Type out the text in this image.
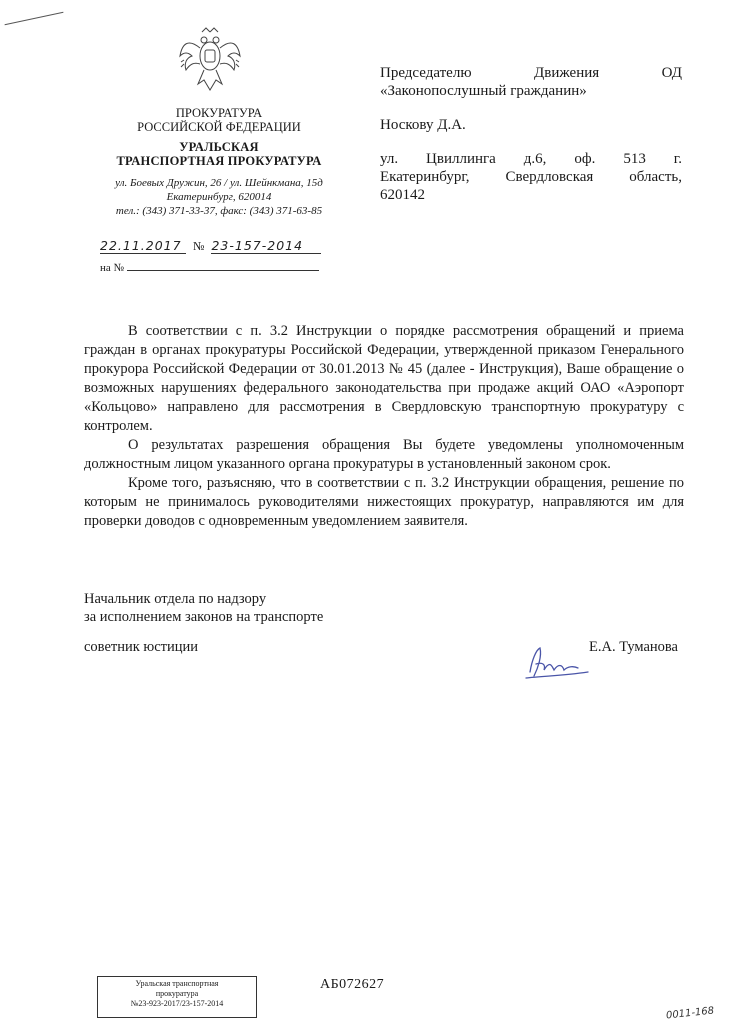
ПРОКУРАТУРА
РОССИЙСКОЙ ФЕДЕРАЦИИ
УРАЛЬСКАЯ
ТРАНСПОРТНАЯ ПРОКУРАТУРА
ул. Боевых Дружин, 26 / ул. Шейнкмана, 15д
Екатеринбург, 620014
тел.: (343) 371-33-37, факс: (343) 371-63-85
22.11.2017 № 23-157-2014
на №
Председателю Движения ОД
«Законопослушный гражданин»
Носкову Д.А.
ул. Цвиллинга д.6, оф. 513 г.
Екатеринбург, Свердловская область,
620142

В соответствии с п. 3.2 Инструкции о порядке рассмотрения обращений и приема граждан в органах прокуратуры Российской Федерации, утвержденной приказом Генерального прокурора Российской Федерации от 30.01.2013 № 45 (далее - Инструкция), Ваше обращение о возможных нарушениях федерального законодательства при продаже акций ОАО «Аэропорт «Кольцово» направлено для рассмотрения в Свердловскую транспортную прокуратуру с контролем.

О результатах разрешения обращения Вы будете уведомлены уполномоченным должностным лицом указанного органа прокуратуры в установленный законом срок.

Кроме того, разъясняю, что в соответствии с п. 3.2 Инструкции обращения, решение по которым не принималось руководителями нижестоящих прокуратур, направляются им для проверки доводов с одновременным уведомлением заявителя.

Начальник отдела по надзору
за исполнением законов на транспорте
советник юстиции	Е.А. Туманова
Уральская транспортная
прокуратура
№23-923-2017/23-157-2014
АБ072627
0011-168
